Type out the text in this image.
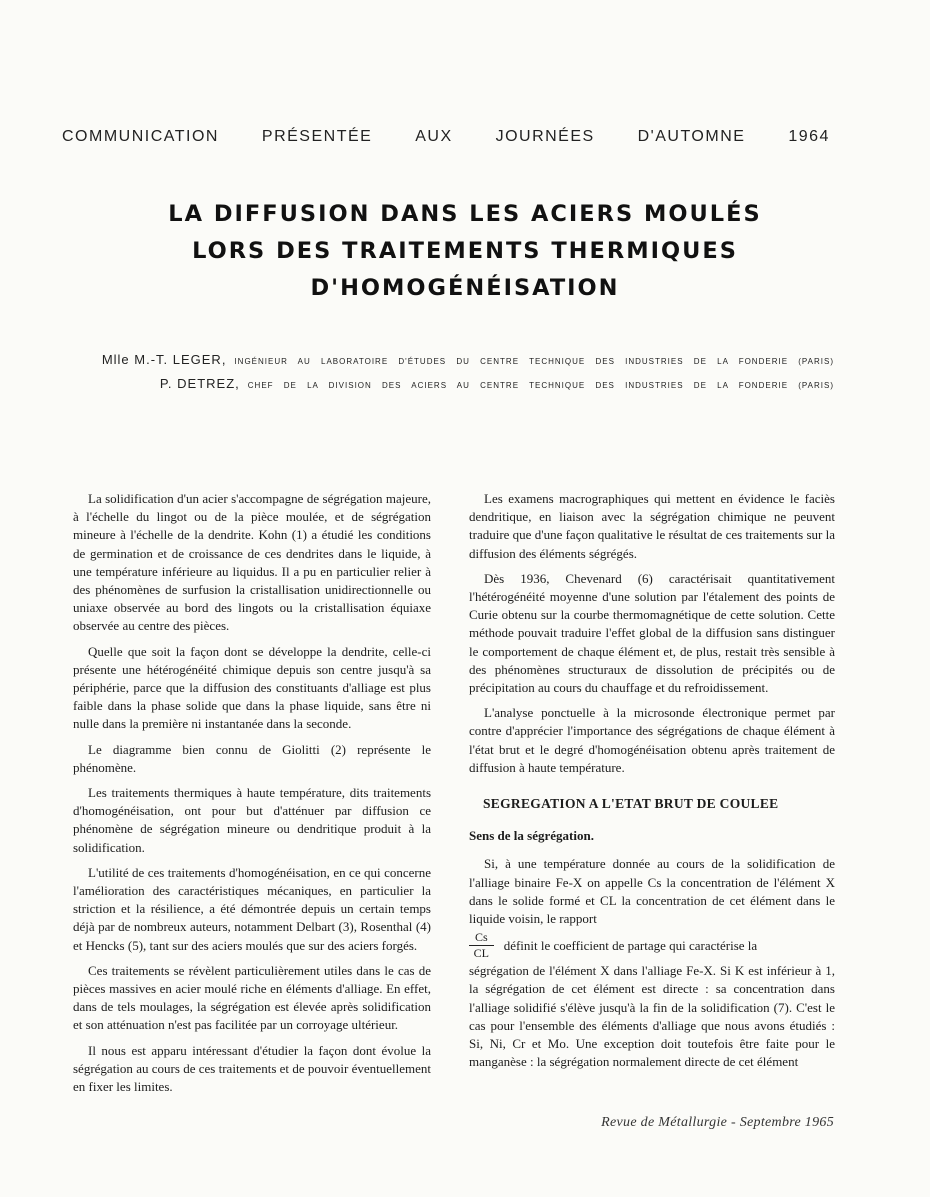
COMMUNICATION	PRÉSENTÉE	AUX	JOURNÉES	D'AUTOMNE	1964
LA DIFFUSION DANS LES ACIERS MOULÉS
LORS DES TRAITEMENTS THERMIQUES
D'HOMOGÉNÉISATION
Mlle M.-T. LEGER, INGÉNIEUR AU LABORATOIRE D'ÉTUDES DU CENTRE TECHNIQUE DES INDUSTRIES DE LA FONDERIE (PARIS)
P. DETREZ, CHEF DE LA DIVISION DES ACIERS AU CENTRE TECHNIQUE DES INDUSTRIES DE LA FONDERIE (PARIS)

La solidification d'un acier s'accompagne de ségrégation majeure, à l'échelle du lingot ou de la pièce moulée, et de ségrégation mineure à l'échelle de la dendrite. Kohn (1) a étudié les conditions de germination et de croissance de ces dendrites dans le liquide, à une température inférieure au liquidus. Il a pu en particulier relier à des phénomènes de surfusion la cristallisation unidirectionnelle ou uniaxe observée au bord des lingots ou la cristallisation équiaxe observée au centre des pièces.

Quelle que soit la façon dont se développe la dendrite, celle-ci présente une hétérogénéité chimique depuis son centre jusqu'à sa périphérie, parce que la diffusion des constituants d'alliage est plus faible dans la phase solide que dans la phase liquide, sans être ni nulle dans la première ni instantanée dans la seconde.

Le diagramme bien connu de Giolitti (2) représente le phénomène.

Les traitements thermiques à haute température, dits traitements d'homogénéisation, ont pour but d'atténuer par diffusion ce phénomène de ségrégation mineure ou dendritique produit à la solidification.

L'utilité de ces traitements d'homogénéisation, en ce qui concerne l'amélioration des caractéristiques mécaniques, en particulier la striction et la résilience, a été démontrée depuis un certain temps déjà par de nombreux auteurs, notamment Delbart (3), Rosenthal (4) et Hencks (5), tant sur des aciers moulés que sur des aciers forgés.

Ces traitements se révèlent particulièrement utiles dans le cas de pièces massives en acier moulé riche en éléments d'alliage. En effet, dans de tels moulages, la ségrégation est élevée après solidification et son atténuation n'est pas facilitée par un corroyage ultérieur.

Il nous est apparu intéressant d'étudier la façon dont évolue la ségrégation au cours de ces traitements et de pouvoir éventuellement en fixer les limites.

Les examens macrographiques qui mettent en évidence le faciès dendritique, en liaison avec la ségrégation chimique ne peuvent traduire que d'une façon qualitative le résultat de ces traitements sur la diffusion des éléments ségrégés.

Dès 1936, Chevenard (6) caractérisait quantitativement l'hétérogénéité moyenne d'une solution par l'étalement des points de Curie obtenu sur la courbe thermomagnétique de cette solution. Cette méthode pouvait traduire l'effet global de la diffusion sans distinguer le comportement de chaque élément et, de plus, restait très sensible à des phénomènes structuraux de dissolution de précipités ou de précipitation au cours du chauffage et du refroidissement.

L'analyse ponctuelle à la microsonde électronique permet par contre d'apprécier l'importance des ségrégations de chaque élément à l'état brut et le degré d'homogénéisation obtenu après traitement de diffusion à haute température.

SEGREGATION A L'ETAT BRUT DE COULEE
Sens de la ségrégation.

Si, à une température donnée au cours de la solidification de l'alliage binaire Fe-X on appelle Cs la concentration de l'élément X dans le solide formé et CL la concentration de cet élément dans le liquide voisin, le rapport

$\frac{Cs}{CL}$ définit le coefficient de partage qui caractérise la

ségrégation de l'élément X dans l'alliage Fe-X. Si K est inférieur à 1, la ségrégation de cet élément est directe : sa concentration dans l'alliage solidifié s'élève jusqu'à la fin de la solidification (7). C'est le cas pour l'ensemble des éléments d'alliage que nous avons étudiés : Si, Ni, Cr et Mo. Une exception doit toutefois être faite pour le manganèse : la ségrégation normalement directe de cet élément

Revue de Métallurgie - Septembre 1965
